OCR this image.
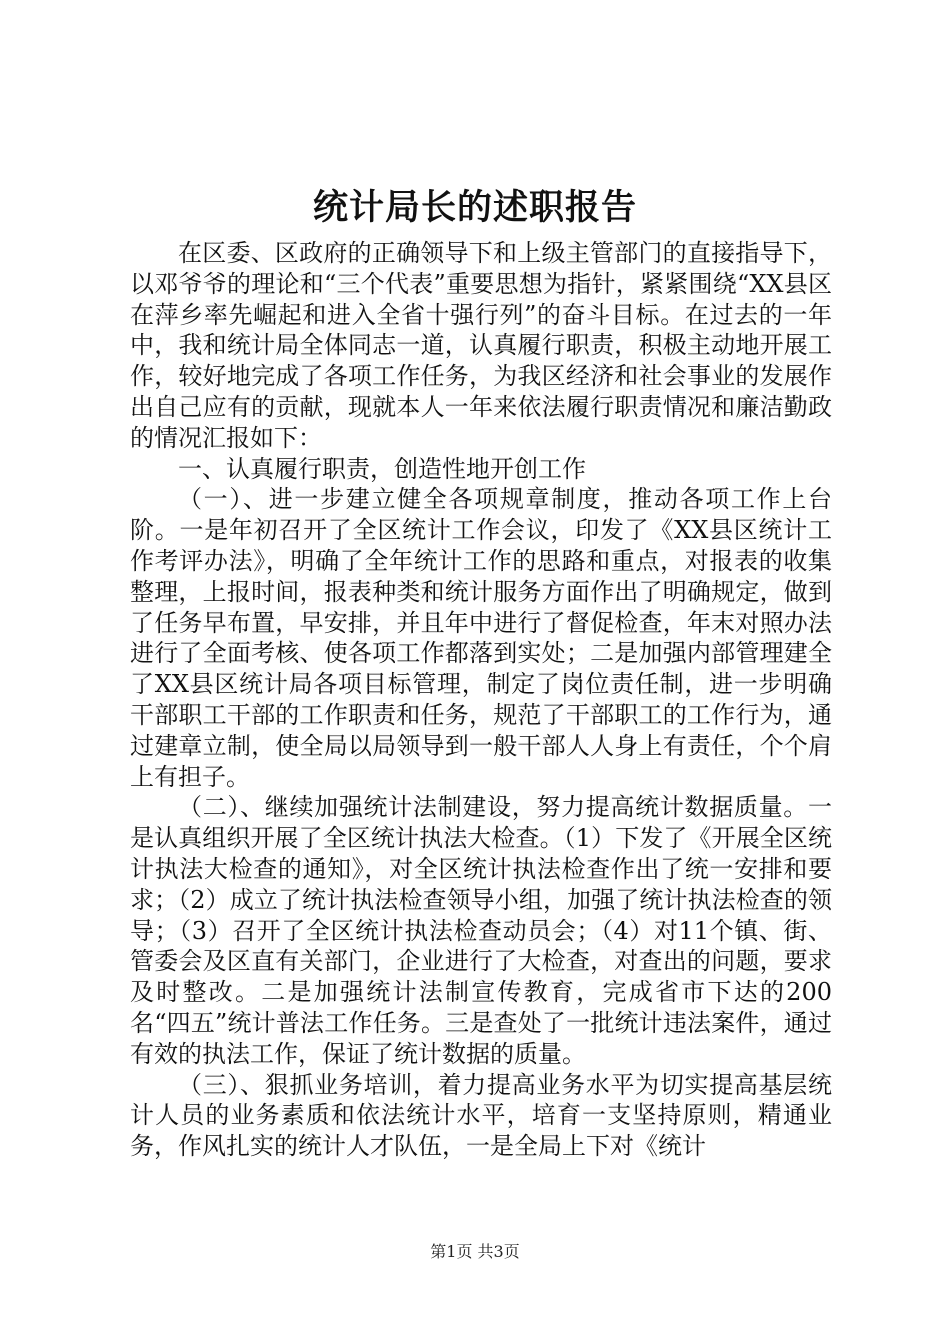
统计局长的述职报告

在区委、区政府的正确领导下和上级主管部门的直接指导下，以邓爷爷的理论和“三个代表”重要思想为指针，紧紧围绕“XX县区在萍乡率先崛起和进入全省十强行列”的奋斗目标。在过去的一年中，我和统计局全体同志一道，认真履行职责，积极主动地开展工作，较好地完成了各项工作任务，为我区经济和社会事业的发展作出自己应有的贡献，现就本人一年来依法履行职责情况和廉洁勤政的情况汇报如下：

一、认真履行职责，创造性地开创工作

（一）、进一步建立健全各项规章制度，推动各项工作上台阶。一是年初召开了全区统计工作会议，印发了《XX县区统计工作考评办法》，明确了全年统计工作的思路和重点，对报表的收集整理，上报时间，报表种类和统计服务方面作出了明确规定，做到了任务早布置，早安排，并且年中进行了督促检查，年末对照办法进行了全面考核、使各项工作都落到实处；二是加强内部管理建全了XX县区统计局各项目标管理，制定了岗位责任制，进一步明确干部职工干部的工作职责和任务，规范了干部职工的工作行为，通过建章立制，使全局以局领导到一般干部人人身上有责任，个个肩上有担子。

（二）、继续加强统计法制建设，努力提高统计数据质量。一是认真组织开展了全区统计执法大检查。（1）下发了《开展全区统计执法大检查的通知》，对全区统计执法检查作出了统一安排和要求；（2）成立了统计执法检查领导小组，加强了统计执法检查的领导；（3）召开了全区统计执法检查动员会；（4）对11个镇、街、管委会及区直有关部门，企业进行了大检查，对查出的问题，要求及时整改。二是加强统计法制宣传教育，完成省市下达的200名“四五”统计普法工作任务。三是查处了一批统计违法案件，通过有效的执法工作，保证了统计数据的质量。

（三）、狠抓业务培训，着力提高业务水平为切实提高基层统计人员的业务素质和依法统计水平，培育一支坚持原则，精通业务，作风扎实的统计人才队伍，一是全局上下对《统计

第1页 共3页
